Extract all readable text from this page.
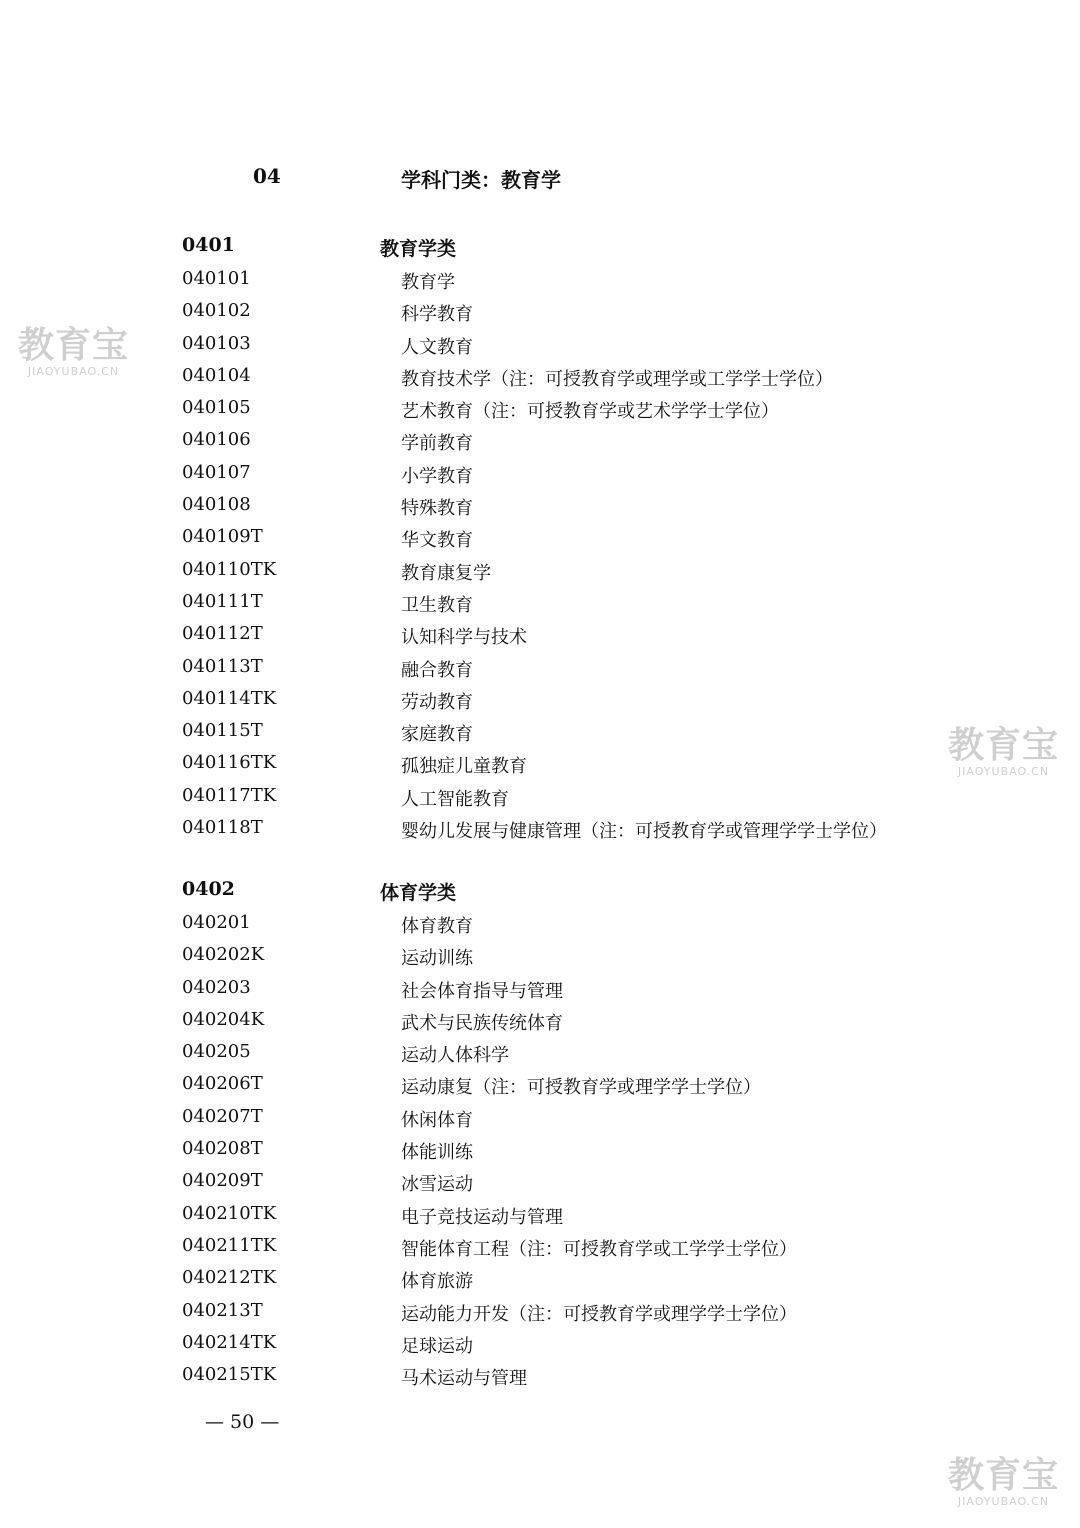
教育宝
JIAOYUBAO.CN
教育宝
JIAOYUBAO.CN
教育宝
JIAOYUBAO.CN
04	学科门类：教育学
0401	教育学类
040101	教育学
040102	科学教育
040103	人文教育
040104	教育技术学（注：可授教育学或理学或工学学士学位）
040105	艺术教育（注：可授教育学或艺术学学士学位）
040106	学前教育
040107	小学教育
040108	特殊教育
040109T	华文教育
040110TK	教育康复学
040111T	卫生教育
040112T	认知科学与技术
040113T	融合教育
040114TK	劳动教育
040115T	家庭教育
040116TK	孤独症儿童教育
040117TK	人工智能教育
040118T	婴幼儿发展与健康管理（注：可授教育学或管理学学士学位）
0402	体育学类
040201	体育教育
040202K	运动训练
040203	社会体育指导与管理
040204K	武术与民族传统体育
040205	运动人体科学
040206T	运动康复（注：可授教育学或理学学士学位）
040207T	休闲体育
040208T	体能训练
040209T	冰雪运动
040210TK	电子竞技运动与管理
040211TK	智能体育工程（注：可授教育学或工学学士学位）
040212TK	体育旅游
040213T	运动能力开发（注：可授教育学或理学学士学位）
040214TK	足球运动
040215TK	马术运动与管理
— 50 —
